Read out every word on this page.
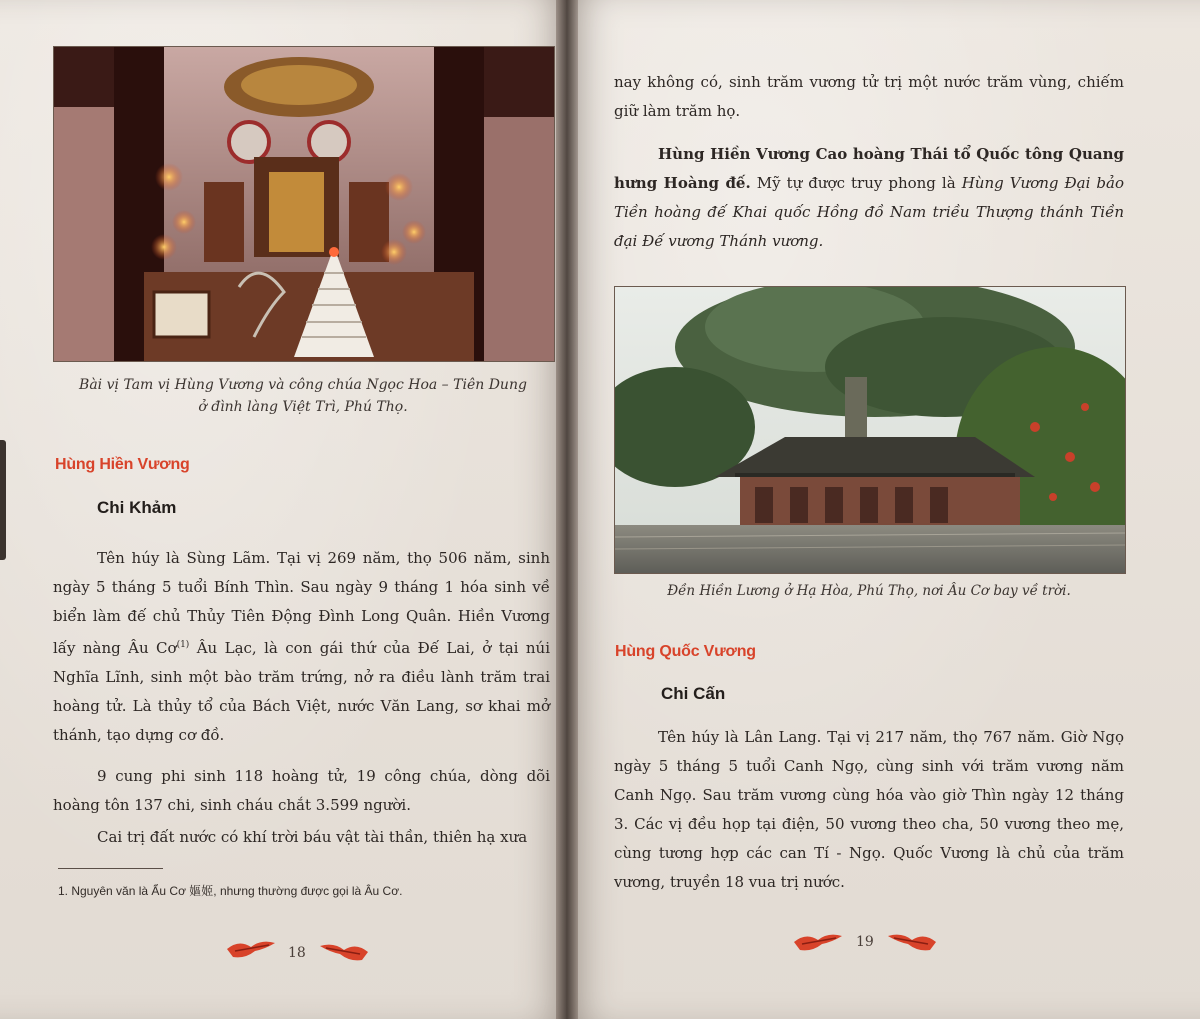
Bài vị Tam vị Hùng Vương và công chúa Ngọc Hoa – Tiên Dung
ở đình làng Việt Trì, Phú Thọ.
Hùng Hiền Vương
Chi Khảm

Tên húy là Sùng Lãm. Tại vị 269 năm, thọ 506 năm, sinh ngày 5 tháng 5 tuổi Bính Thìn. Sau ngày 9 tháng 1 hóa sinh về biển làm đế chủ Thủy Tiên Động Đình Long Quân. Hiền Vương lấy nàng Âu $Cơ^{(1)}$ Âu Lạc, là con gái thứ của Đế Lai, ở tại núi Nghĩa Lĩnh, sinh một bào trăm trứng, nở ra điều lành trăm trai hoàng tử. Là thủy tổ của Bách Việt, nước Văn Lang, sơ khai mở thánh, tạo dựng cơ đồ.

9 cung phi sinh 118 hoàng tử, 19 công chúa, dòng dõi hoàng tôn 137 chi, sinh cháu chắt 3.599 người.

Cai trị đất nước có khí trời báu vật tài thần, thiên hạ xưa

1. Nguyên văn là Ẩu Cơ 嫗姬, nhưng thường được gọi là Âu Cơ.
18

nay không có, sinh trăm vương tử trị một nước trăm vùng, chiếm giữ làm trăm họ.

Hùng Hiền Vương Cao hoàng Thái tổ Quốc tông Quang hưng Hoàng đế. Mỹ tự được truy phong là Hùng Vương Đại bảo Tiền hoàng đế Khai quốc Hồng đồ Nam triều Thượng thánh Tiền đại Đế vương Thánh vương.

Đền Hiền Lương ở Hạ Hòa, Phú Thọ, nơi Âu Cơ bay về trời.
Hùng Quốc Vương
Chi Cấn

Tên húy là Lân Lang. Tại vị 217 năm, thọ 767 năm. Giờ Ngọ ngày 5 tháng 5 tuổi Canh Ngọ, cùng sinh với trăm vương năm Canh Ngọ. Sau trăm vương cùng hóa vào giờ Thìn ngày 12 tháng 3. Các vị đều họp tại điện, 50 vương theo cha, 50 vương theo mẹ, cùng tương hợp các can Tí - Ngọ. Quốc Vương là chủ của trăm vương, truyền 18 vua trị nước.

19
